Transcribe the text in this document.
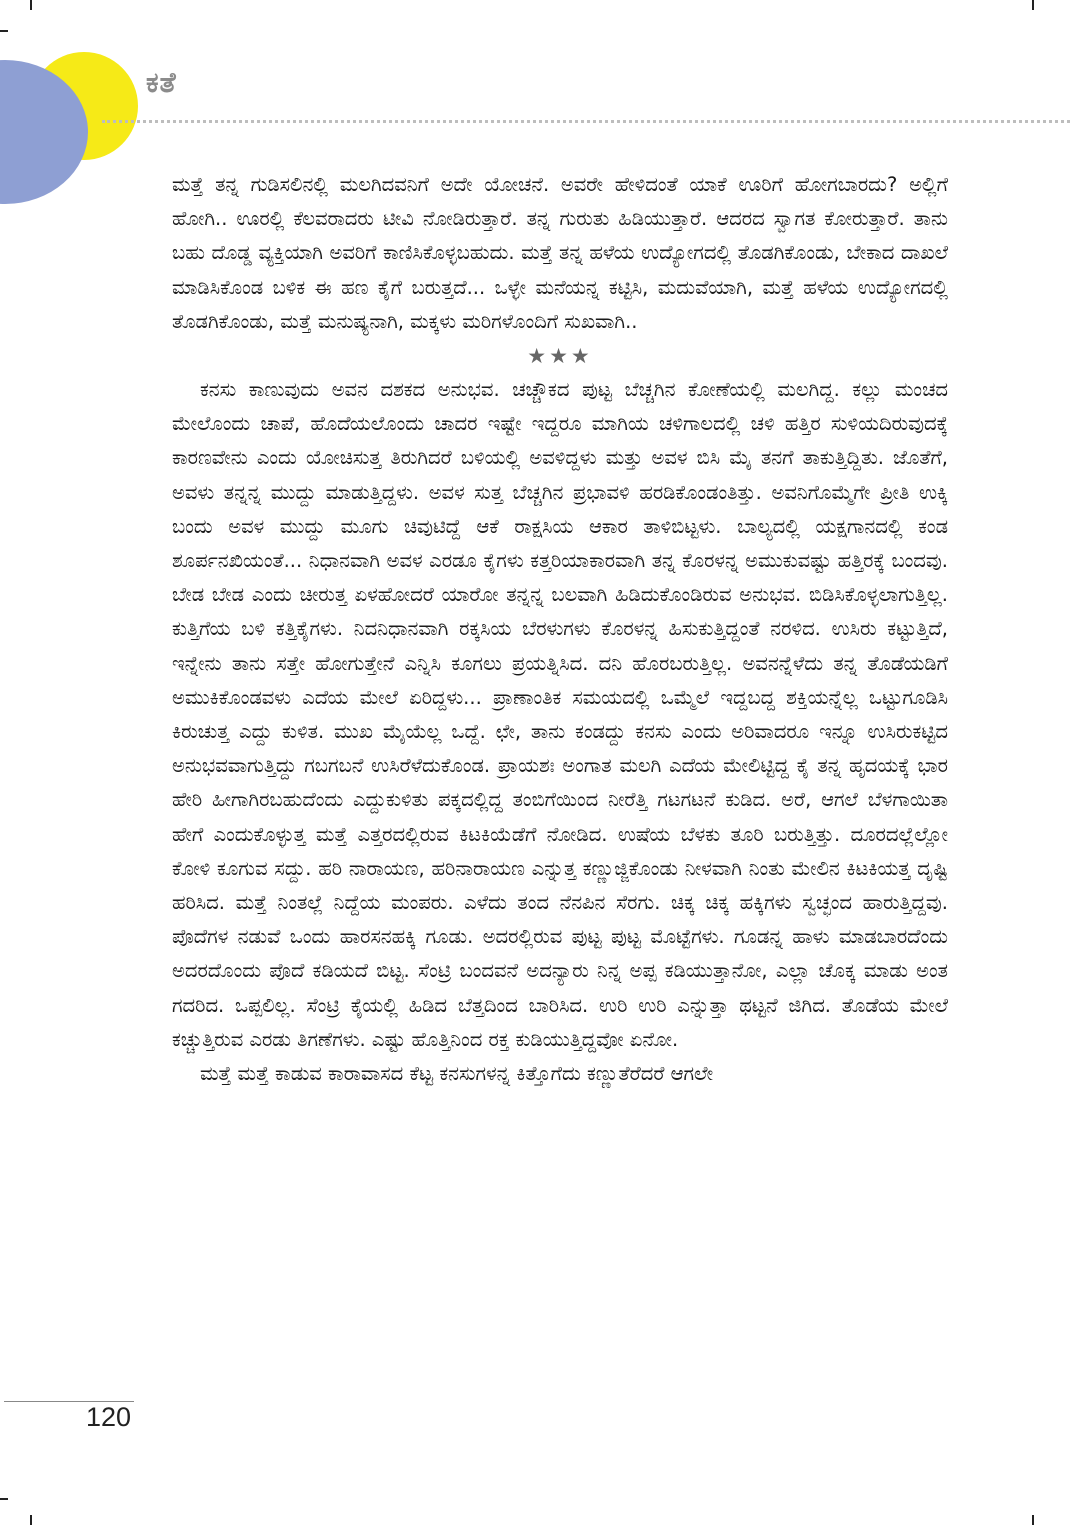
ಕತೆ

ಮತ್ತೆ ತನ್ನ ಗುಡಿಸಲಿನಲ್ಲಿ ಮಲಗಿದವನಿಗೆ ಅದೇ ಯೋಚನೆ. ಅವರೇ ಹೇಳಿದಂತೆ ಯಾಕೆ ಊರಿಗೆ ಹೋಗಬಾರದು? ಅಲ್ಲಿಗೆ ಹೋಗಿ.. ಊರಲ್ಲಿ ಕೆಲವರಾದರು ಟೀವಿ ನೋಡಿರುತ್ತಾರೆ. ತನ್ನ ಗುರುತು ಹಿಡಿಯುತ್ತಾರೆ. ಆದರದ ಸ್ವಾಗತ ಕೋರುತ್ತಾರೆ. ತಾನು ಬಹು ದೊಡ್ಡ ವ್ಯಕ್ತಿಯಾಗಿ ಅವರಿಗೆ ಕಾಣಿಸಿಕೊಳ್ಳಬಹುದು. ಮತ್ತೆ ತನ್ನ ಹಳೆಯ ಉದ್ಯೋಗದಲ್ಲಿ ತೊಡಗಿಕೊಂಡು, ಬೇಕಾದ ದಾಖಲೆ ಮಾಡಿಸಿಕೊಂಡ ಬಳಿಕ ಈ ಹಣ ಕೈಗೆ ಬರುತ್ತದೆ... ಒಳ್ಳೇ ಮನೆಯನ್ನ ಕಟ್ಟಿಸಿ, ಮದುವೆಯಾಗಿ, ಮತ್ತೆ ಹಳೆಯ ಉದ್ಯೋಗದಲ್ಲಿ ತೊಡಗಿಕೊಂಡು, ಮತ್ತೆ ಮನುಷ್ಯನಾಗಿ, ಮಕ್ಕಳು ಮರಿಗಳೊಂದಿಗೆ ಸುಖವಾಗಿ..

★★★

ಕನಸು ಕಾಣುವುದು ಅವನ ದಶಕದ ಅನುಭವ. ಚಚ್ಚೌಕದ ಪುಟ್ಟ ಬೆಚ್ಚಗಿನ ಕೋಣೆಯಲ್ಲಿ ಮಲಗಿದ್ದ. ಕಲ್ಲು ಮಂಚದ ಮೇಲೊಂದು ಚಾಪೆ, ಹೊದೆಯಲೊಂದು ಚಾದರ ಇಷ್ಟೇ ಇದ್ದರೂ ಮಾಗಿಯ ಚಳಿಗಾಲದಲ್ಲಿ ಚಳಿ ಹತ್ತಿರ ಸುಳಿಯದಿರುವುದಕ್ಕೆ ಕಾರಣವೇನು ಎಂದು ಯೋಚಿಸುತ್ತ ತಿರುಗಿದರೆ ಬಳಿಯಲ್ಲಿ ಅವಳಿದ್ದಳು ಮತ್ತು ಅವಳ ಬಿಸಿ ಮೈ ತನಗೆ ತಾಕುತ್ತಿದ್ದಿತು. ಜೊತೆಗೆ, ಅವಳು ತನ್ನನ್ನ ಮುದ್ದು ಮಾಡುತ್ತಿದ್ದಳು. ಅವಳ ಸುತ್ತ ಬೆಚ್ಚಗಿನ ಪ್ರಭಾವಳಿ ಹರಡಿಕೊಂಡಂತಿತ್ತು. ಅವನಿಗೊಮ್ಮೆಗೇ ಪ್ರೀತಿ ಉಕ್ಕಿ ಬಂದು ಅವಳ ಮುದ್ದು ಮೂಗು ಚಿವುಟಿದ್ದೆ ಆಕೆ ರಾಕ್ಷಸಿಯ ಆಕಾರ ತಾಳಿಬಿಟ್ಟಳು. ಬಾಲ್ಯದಲ್ಲಿ ಯಕ್ಷಗಾನದಲ್ಲಿ ಕಂಡ ಶೂರ್ಪನಖಿಯಂತೆ... ನಿಧಾನವಾಗಿ ಅವಳ ಎರಡೂ ಕೈಗಳು ಕತ್ತರಿಯಾಕಾರವಾಗಿ ತನ್ನ ಕೊರಳನ್ನ ಅಮುಕುವಷ್ಟು ಹತ್ತಿರಕ್ಕೆ ಬಂದವು. ಬೇಡ ಬೇಡ ಎಂದು ಚೀರುತ್ತ ಏಳಹೋದರೆ ಯಾರೋ ತನ್ನನ್ನ ಬಲವಾಗಿ ಹಿಡಿದುಕೊಂಡಿರುವ ಅನುಭವ. ಬಿಡಿಸಿಕೊಳ್ಳಲಾಗುತ್ತಿಲ್ಲ. ಕುತ್ತಿಗೆಯ ಬಳಿ ಕತ್ತಿಕೈಗಳು. ನಿದನಿಧಾನವಾಗಿ ರಕ್ಕಸಿಯ ಬೆರಳುಗಳು ಕೊರಳನ್ನ ಹಿಸುಕುತ್ತಿದ್ದಂತೆ ನರಳಿದ. ಉಸಿರು ಕಟ್ಟುತ್ತಿದೆ, ಇನ್ನೇನು ತಾನು ಸತ್ತೇ ಹೋಗುತ್ತೇನೆ ಎನ್ನಿಸಿ ಕೂಗಲು ಪ್ರಯತ್ನಿಸಿದ. ದನಿ ಹೊರಬರುತ್ತಿಲ್ಲ. ಅವನನ್ನೆಳೆದು ತನ್ನ ತೊಡೆಯಡಿಗೆ ಅಮುಕಿಕೊಂಡವಳು ಎದೆಯ ಮೇಲೆ ಏರಿದ್ದಳು... ಪ್ರಾಣಾಂತಿಕ ಸಮಯದಲ್ಲಿ ಒಮ್ಮೆಲೆ ಇದ್ದಬದ್ದ ಶಕ್ತಿಯನ್ನೆಲ್ಲ ಒಟ್ಟುಗೂಡಿಸಿ ಕಿರುಚುತ್ತ ಎದ್ದು ಕುಳಿತ. ಮುಖ ಮೈಯೆಲ್ಲ ಒದ್ದೆ. ಛೇ, ತಾನು ಕಂಡದ್ದು ಕನಸು ಎಂದು ಅರಿವಾದರೂ ಇನ್ನೂ ಉಸಿರುಕಟ್ಟಿದ ಅನುಭವವಾಗುತ್ತಿದ್ದು ಗಬಗಬನೆ ಉಸಿರೆಳೆದುಕೊಂಡ. ಪ್ರಾಯಶಃ ಅಂಗಾತ ಮಲಗಿ ಎದೆಯ ಮೇಲಿಟ್ಟಿದ್ದ ಕೈ ತನ್ನ ಹೃದಯಕ್ಕೆ ಭಾರ ಹೇರಿ ಹೀಗಾಗಿರಬಹುದೆಂದು ಎದ್ದುಕುಳಿತು ಪಕ್ಕದಲ್ಲಿದ್ದ ತಂಬಿಗೆಯಿಂದ ನೀರೆತ್ತಿ ಗಟಗಟನೆ ಕುಡಿದ. ಅರೆ, ಆಗಲೆ ಬೆಳಗಾಯಿತಾ ಹೇಗೆ ಎಂದುಕೊಳ್ಳುತ್ತ ಮತ್ತೆ ಎತ್ತರದಲ್ಲಿರುವ ಕಿಟಕಿಯೆಡೆಗೆ ನೋಡಿದ. ಉಷೆಯ ಬೆಳಕು ತೂರಿ ಬರುತ್ತಿತ್ತು. ದೂರದಲ್ಲೆಲ್ಲೋ ಕೋಳಿ ಕೂಗುವ ಸದ್ದು. ಹರಿ ನಾರಾಯಣ, ಹರಿನಾರಾಯಣ ಎನ್ನುತ್ತ ಕಣ್ಣುಜ್ಜಿಕೊಂಡು ನೀಳವಾಗಿ ನಿಂತು ಮೇಲಿನ ಕಿಟಕಿಯತ್ತ ದೃಷ್ಟಿ ಹರಿಸಿದ. ಮತ್ತೆ ನಿಂತಲ್ಲೆ ನಿದ್ದೆಯ ಮಂಪರು. ಎಳೆದು ತಂದ ನೆನಪಿನ ಸೆರಗು. ಚಿಕ್ಕ ಚಿಕ್ಕ ಹಕ್ಕಿಗಳು ಸ್ವಚ್ಛಂದ ಹಾರುತ್ತಿದ್ದವು. ಪೊದೆಗಳ ನಡುವೆ ಒಂದು ಹಾರಸನಹಕ್ಕಿ ಗೂಡು. ಅದರಲ್ಲಿರುವ ಪುಟ್ಟ ಪುಟ್ಟ ಮೊಟ್ಟೆಗಳು. ಗೂಡನ್ನ ಹಾಳು ಮಾಡಬಾರದೆಂದು ಅದರದೊಂದು ಪೊದೆ ಕಡಿಯದೆ ಬಿಟ್ಟ. ಸೆಂಟ್ರಿ ಬಂದವನೆ ಅದನ್ಯಾರು ನಿನ್ನ ಅಪ್ಪ ಕಡಿಯುತ್ತಾನೋ, ಎಲ್ಲಾ ಚೊಕ್ಕ ಮಾಡು ಅಂತ ಗದರಿದ. ಒಪ್ಪಲಿಲ್ಲ. ಸೆಂಟ್ರಿ ಕೈಯಲ್ಲಿ ಹಿಡಿದ ಬೆತ್ತದಿಂದ ಬಾರಿಸಿದ. ಉರಿ ಉರಿ ಎನ್ನುತ್ತಾ ಥಟ್ಟನೆ ಜಿಗಿದ. ತೊಡೆಯ ಮೇಲೆ ಕಚ್ಚುತ್ತಿರುವ ಎರಡು ತಿಗಣೆಗಳು. ಎಷ್ಟು ಹೊತ್ತಿನಿಂದ ರಕ್ತ ಕುಡಿಯುತ್ತಿದ್ದವೋ ಏನೋ.

ಮತ್ತೆ ಮತ್ತೆ ಕಾಡುವ ಕಾರಾವಾಸದ ಕೆಟ್ಟ ಕನಸುಗಳನ್ನ ಕಿತ್ತೊಗೆದು ಕಣ್ಣುತೆರೆದರೆ ಆಗಲೇ

120
